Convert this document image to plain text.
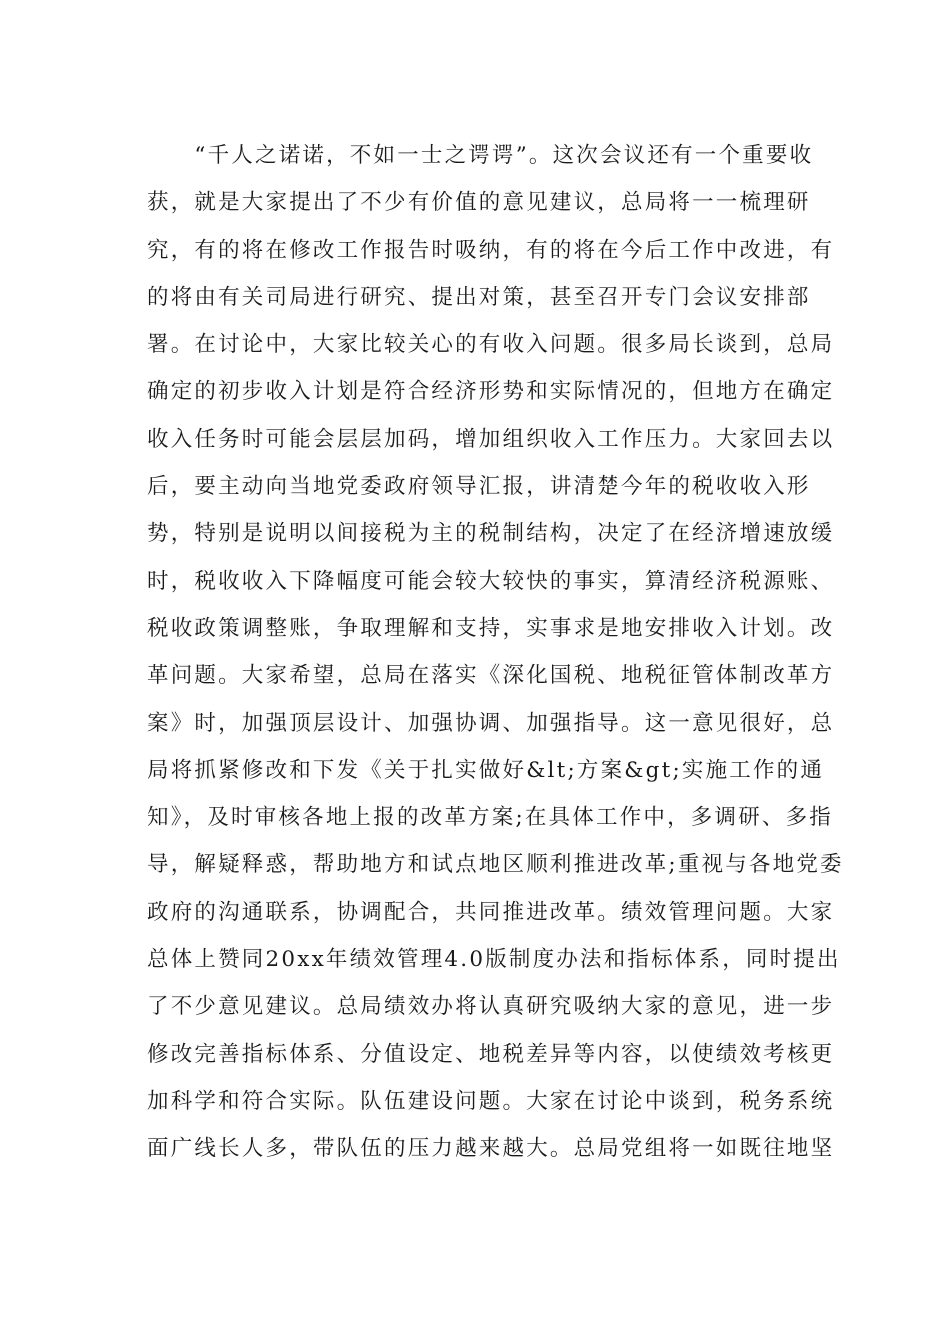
　　“千人之诺诺，不如一士之谔谔”。这次会议还有一个重要收
获，就是大家提出了不少有价值的意见建议，总局将一一梳理研
究，有的将在修改工作报告时吸纳，有的将在今后工作中改进，有
的将由有关司局进行研究、提出对策，甚至召开专门会议安排部
署。在讨论中，大家比较关心的有收入问题。很多局长谈到，总局
确定的初步收入计划是符合经济形势和实际情况的，但地方在确定
收入任务时可能会层层加码，增加组织收入工作压力。大家回去以
后，要主动向当地党委政府领导汇报，讲清楚今年的税收收入形
势，特别是说明以间接税为主的税制结构，决定了在经济增速放缓
时，税收收入下降幅度可能会较大较快的事实，算清经济税源账、
税收政策调整账，争取理解和支持，实事求是地安排收入计划。改
革问题。大家希望，总局在落实《深化国税、地税征管体制改革方
案》时，加强顶层设计、加强协调、加强指导。这一意见很好，总
局将抓紧修改和下发《关于扎实做好&lt;方案&gt;实施工作的通
知》，及时审核各地上报的改革方案;在具体工作中，多调研、多指
导，解疑释惑，帮助地方和试点地区顺利推进改革;重视与各地党委
政府的沟通联系，协调配合，共同推进改革。绩效管理问题。大家
总体上赞同20xx年绩效管理4.0版制度办法和指标体系，同时提出
了不少意见建议。总局绩效办将认真研究吸纳大家的意见，进一步
修改完善指标体系、分值设定、地税差异等内容，以使绩效考核更
加科学和符合实际。队伍建设问题。大家在讨论中谈到，税务系统
面广线长人多，带队伍的压力越来越大。总局党组将一如既往地坚
